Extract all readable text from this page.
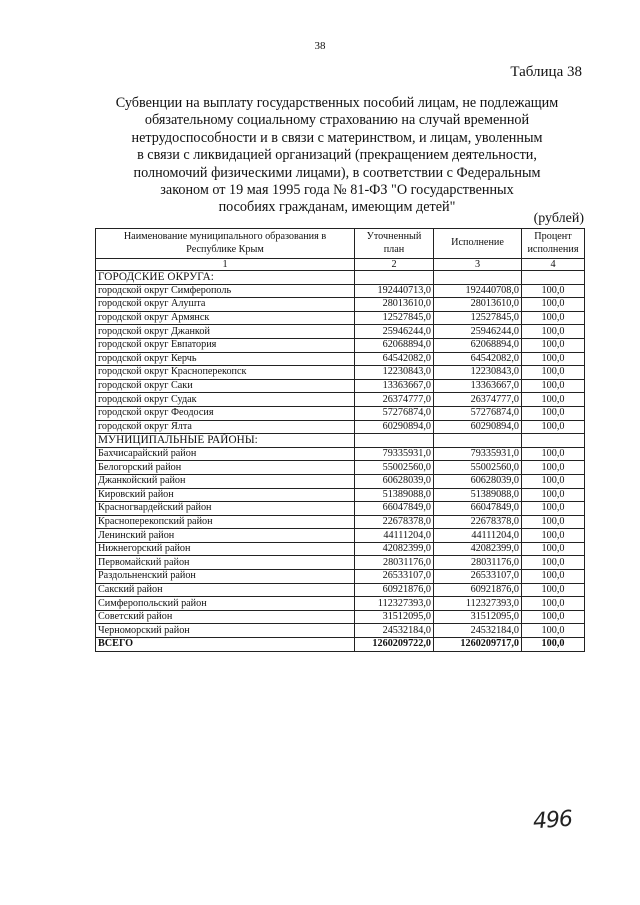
38
Таблица 38
Субвенции на выплату государственных пособий лицам, не подлежащим
обязательному социальному страхованию на случай временной
нетрудоспособности и в связи с материнством, и лицам, уволенным
в связи с ликвидацией организаций (прекращением деятельности,
полномочий физическими лицами), в соответствии с Федеральным
законом от 19 мая 1995 года № 81-ФЗ "О государственных
пособиях гражданам, имеющим детей"
(рублей)
Наименование муниципального образования в Республике Крым	Уточненный план	Исполнение	Процент исполнения
1	2	3	4
ГОРОДСКИЕ ОКРУГА:			
городской округ Симферополь	192440713,0	192440708,0	100,0
городской округ Алушта	28013610,0	28013610,0	100,0
городской округ Армянск	12527845,0	12527845,0	100,0
городской округ Джанкой	25946244,0	25946244,0	100,0
городской округ Евпатория	62068894,0	62068894,0	100,0
городской округ Керчь	64542082,0	64542082,0	100,0
городской округ Красноперекопск	12230843,0	12230843,0	100,0
городской округ Саки	13363667,0	13363667,0	100,0
городской округ Судак	26374777,0	26374777,0	100,0
городской округ Феодосия	57276874,0	57276874,0	100,0
городской округ Ялта	60290894,0	60290894,0	100,0
МУНИЦИПАЛЬНЫЕ РАЙОНЫ:			
Бахчисарайский район	79335931,0	79335931,0	100,0
Белогорский район	55002560,0	55002560,0	100,0
Джанкойский район	60628039,0	60628039,0	100,0
Кировский район	51389088,0	51389088,0	100,0
Красногвардейский район	66047849,0	66047849,0	100,0
Красноперекопский район	22678378,0	22678378,0	100,0
Ленинский район	44111204,0	44111204,0	100,0
Нижнегорский район	42082399,0	42082399,0	100,0
Первомайский район	28031176,0	28031176,0	100,0
Раздольненский район	26533107,0	26533107,0	100,0
Сакский район	60921876,0	60921876,0	100,0
Симферопольский район	112327393,0	112327393,0	100,0
Советский район	31512095,0	31512095,0	100,0
Черноморский район	24532184,0	24532184,0	100,0
ВСЕГО	1260209722,0	1260209717,0	100,0
496
